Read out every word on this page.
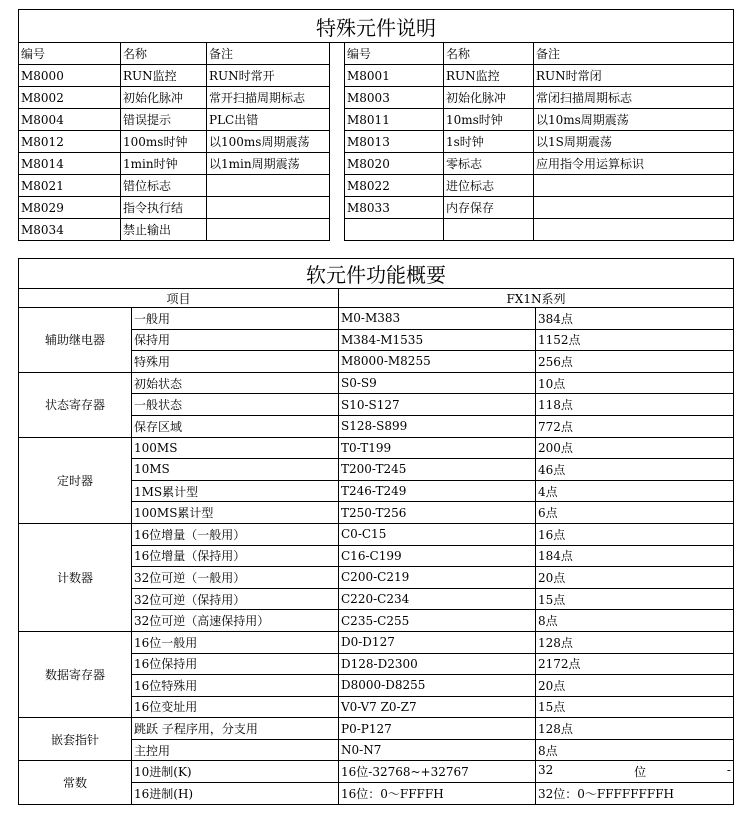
特殊元件说明						
编号	名称	备注		编号	名称	备注
M8000	RUN监控	RUN时常开		M8001	RUN监控	RUN时常闭
M8002	初始化脉冲	常开扫描周期标志		M8003	初始化脉冲	常闭扫描周期标志
M8004	错误提示	PLC出错		M8011	10ms时钟	以10ms周期震荡
M8012	100ms时钟	以100ms周期震荡		M8013	1s时钟	以1S周期震荡
M8014	1min时钟	以1min周期震荡		M8020	零标志	应用指令用运算标识
M8021	错位标志			M8022	进位标志	
M8029	指令执行结			M8033	内存保存	
M8034	禁止输出					
软元件功能概要			
项目		FX1N系列	
辅助继电器	一般用	M0-M383	384点
	保持用	M384-M1535	1152点
	特殊用	M8000-M8255	256点
状态寄存器	初始状态	S0-S9	10点
	一般状态	S10-S127	118点
	保存区域	S128-S899	772点
定时器	100MS	T0-T199	200点
	10MS	T200-T245	46点
	1MS累计型	T246-T249	4点
	100MS累计型	T250-T256	6点
计数器	16位增量（一般用）	C0-C15	16点
	16位增量（保持用）	C16-C199	184点
	32位可逆（一般用）	C200-C219	20点
	32位可逆（保持用）	C220-C234	15点
	32位可逆（高速保持用）	C235-C255	8点
数据寄存器	16位一般用	D0-D127	128点
	16位保持用	D128-D2300	2172点
	16位特殊用	D8000-D8255	20点
	16位变址用	V0-V7 Z0-Z7	15点
嵌套指针	跳跃 子程序用，分支用	P0-P127	128点
	主控用	N0-N7	8点
常数	10进制(K)	16位-32768~+32767	32 位 -

	16进制(H)	16位：0～FFFFH	32位：0～FFFFFFFFH
